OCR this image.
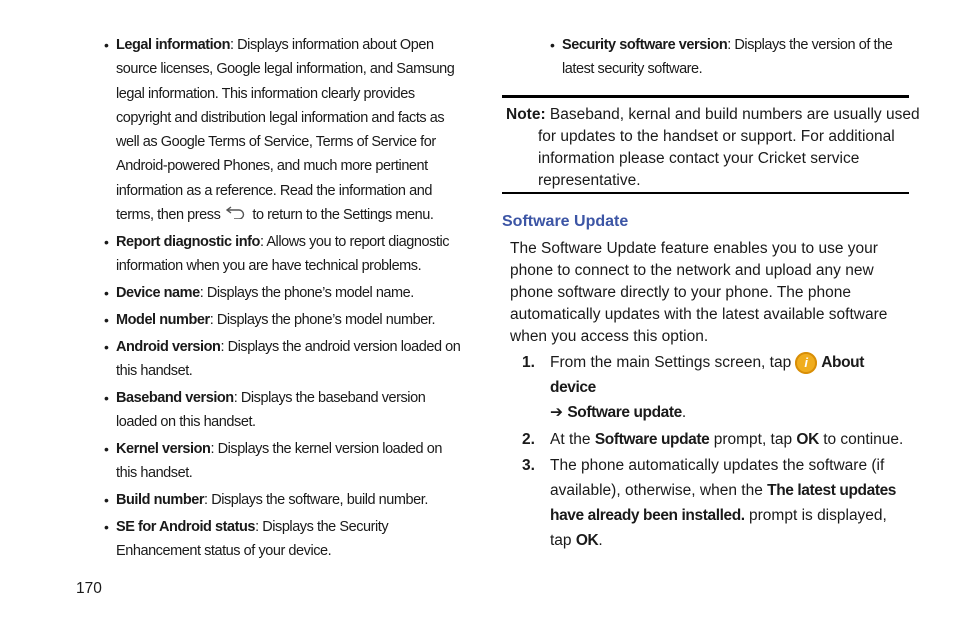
• Legal information: Displays information about Open source licenses, Google legal information, and Samsung legal information. This information clearly provides copyright and distribution legal information and facts as well as Google Terms of Service, Terms of Service for Android-powered Phones, and much more pertinent information as a reference. Read the information and terms, then press to return to the Settings menu.
• Report diagnostic info: Allows you to report diagnostic information when you are have technical problems.
• Device name: Displays the phone’s model name.
• Model number: Displays the phone’s model number.
• Android version: Displays the android version loaded on this handset.
• Baseband version: Displays the baseband version loaded on this handset.
• Kernel version: Displays the kernel version loaded on this handset.
• Build number: Displays the software, build number.
• SE for Android status: Displays the Security Enhancement status of your device.
• Security software version: Displays the version of the latest security software.
Note: Baseband, kernal and build numbers are usually used for updates to the handset or support. For additional information please contact your Cricket service representative.
Software Update
The Software Update feature enables you to use your phone to connect to the network and upload any new phone software directly to your phone. The phone automatically updates with the latest available software when you access this option.
1. From the main Settings screen, tap i About device
➔ Software update.
2. At the Software update prompt, tap OK to continue.
3. The phone automatically updates the software (if available), otherwise, when the The latest updates have already been installed. prompt is displayed, tap OK.
170
